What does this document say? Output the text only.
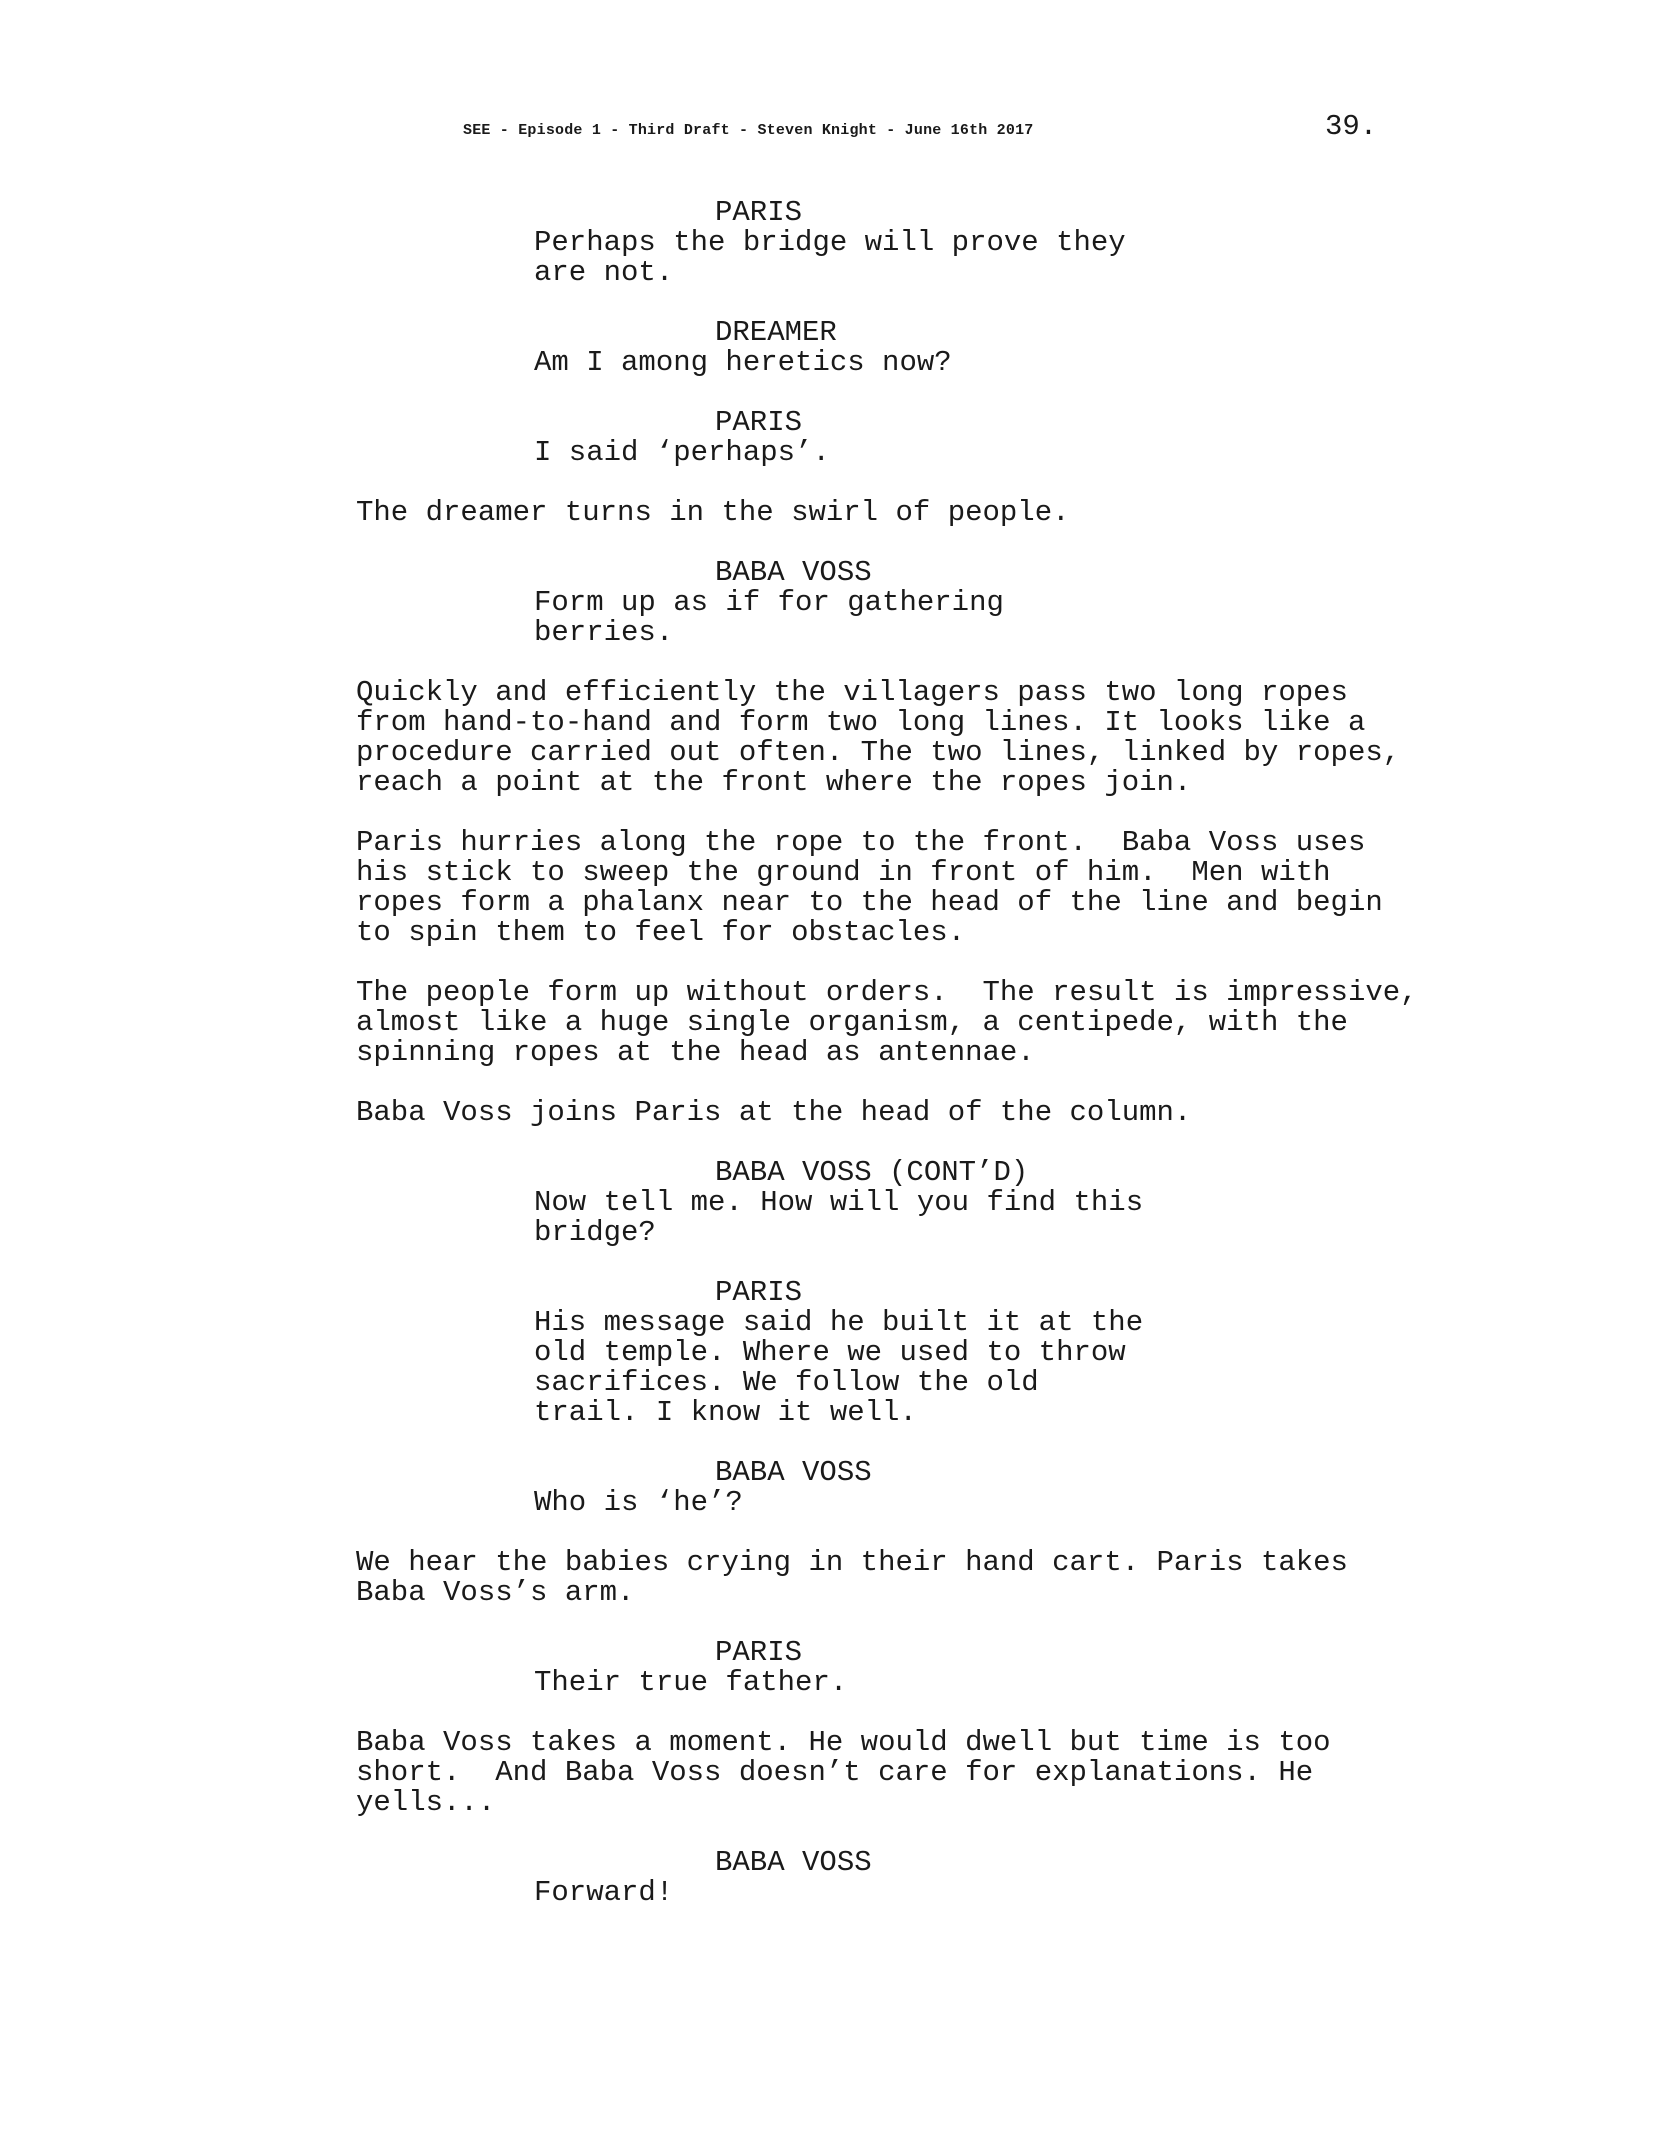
SEE - Episode 1 - Third Draft - Steven Knight - June 16th 2017	39.

PARIS

Perhaps the bridge will prove they
are not.

DREAMER

Am I among heretics now?

PARIS

I said ‘perhaps’.

The dreamer turns in the swirl of people.

BABA VOSS

Form up as if for gathering
berries.

Quickly and efficiently the villagers pass two long ropes
from hand-to-hand and form two long lines. It looks like a
procedure carried out often. The two lines, linked by ropes,
reach a point at the front where the ropes join.

Paris hurries along the rope to the front.  Baba Voss uses
his stick to sweep the ground in front of him.  Men with
ropes form a phalanx near to the head of the line and begin
to spin them to feel for obstacles.

The people form up without orders.  The result is impressive,
almost like a huge single organism, a centipede, with the
spinning ropes at the head as antennae.

Baba Voss joins Paris at the head of the column.

BABA VOSS (CONT’D)

Now tell me. How will you find this
bridge?

PARIS

His message said he built it at the
old temple. Where we used to throw
sacrifices. We follow the old
trail. I know it well.

BABA VOSS

Who is ‘he’?

We hear the babies crying in their hand cart. Paris takes
Baba Voss’s arm.

PARIS

Their true father.

Baba Voss takes a moment. He would dwell but time is too
short.  And Baba Voss doesn’t care for explanations. He
yells...

BABA VOSS

Forward!
